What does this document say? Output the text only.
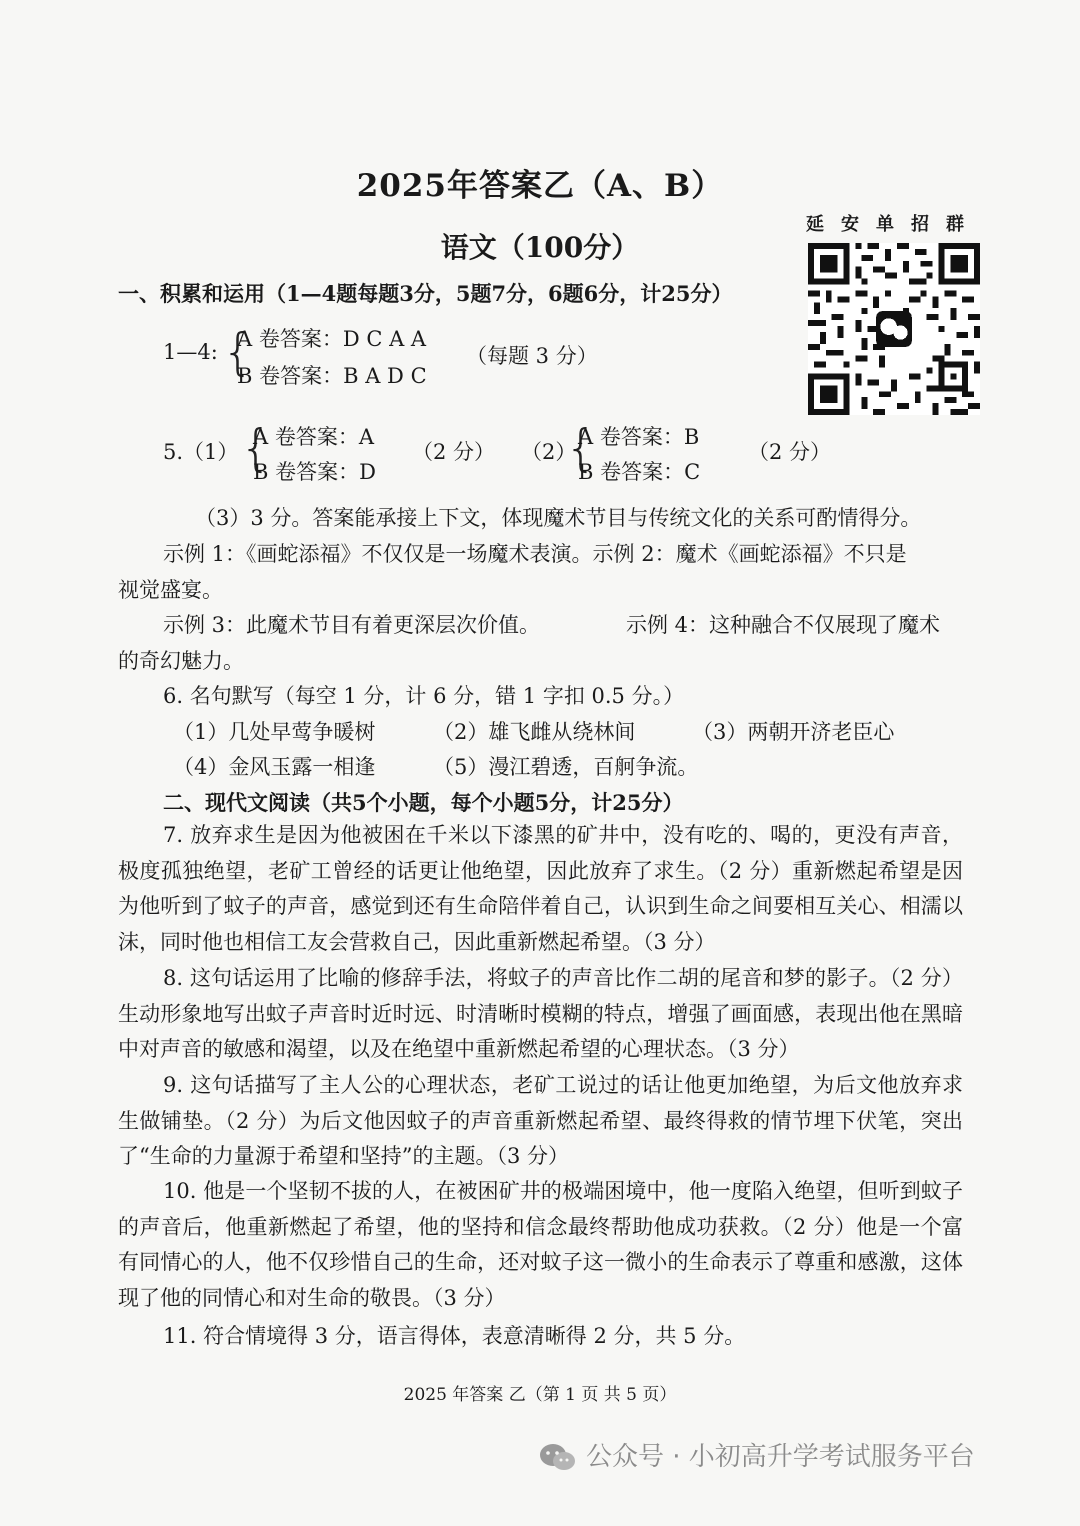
2025年答案乙（A、B）
语文（100分）
延安单招群
一、积累和运用（1—4题每题3分，5题7分，6题6分，计25分）
1—4: {
A 卷答案：D C A A
B 卷答案：B A D C
（每题 3 分）
5.（1） {
A 卷答案：A
B 卷答案：D
（2 分） （2）
{
A 卷答案：B
B 卷答案：C
（2 分）
（3）3 分。答案能承接上下文，体现魔术节目与传统文化的关系可酌情得分。
示例 1：《画蛇添福》不仅仅是一场魔术表演。示例 2：魔术《画蛇添福》不只是
视觉盛宴。
示例 3：此魔术节目有着更深层次价值。	示例 4：这种融合不仅展现了魔术
的奇幻魅力。
6. 名句默写（每空 1 分，计 6 分，错 1 字扣 0.5 分。）
（1）几处早莺争暖树	（2）雄飞雌从绕林间	（3）两朝开济老臣心
（4）金风玉露一相逢	（5）漫江碧透，百舸争流。
二、现代文阅读（共5个小题，每个小题5分，计25分）
7. 放弃求生是因为他被困在千米以下漆黑的矿井中，没有吃的、喝的，更没有声音，极度孤独绝望，老矿工曾经的话更让他绝望，因此放弃了求生。（2 分）重新燃起希望是因为他听到了蚊子的声音，感觉到还有生命陪伴着自己，认识到生命之间要相互关心、相濡以沫，同时他也相信工友会营救自己，因此重新燃起希望。（3 分）
8. 这句话运用了比喻的修辞手法，将蚊子的声音比作二胡的尾音和梦的影子。（2 分）生动形象地写出蚊子声音时近时远、时清晰时模糊的特点，增强了画面感，表现出他在黑暗中对声音的敏感和渴望，以及在绝望中重新燃起希望的心理状态。（3 分）
9. 这句话描写了主人公的心理状态，老矿工说过的话让他更加绝望，为后文他放弃求生做铺垫。（2 分）为后文他因蚊子的声音重新燃起希望、最终得救的情节埋下伏笔，突出了“生命的力量源于希望和坚持”的主题。（3 分）
10. 他是一个坚韧不拔的人，在被困矿井的极端困境中，他一度陷入绝望，但听到蚊子的声音后，他重新燃起了希望，他的坚持和信念最终帮助他成功获救。（2 分）他是一个富有同情心的人，他不仅珍惜自己的生命，还对蚊子这一微小的生命表示了尊重和感激，这体现了他的同情心和对生命的敬畏。（3 分）
11. 符合情境得 3 分，语言得体，表意清晰得 2 分，共 5 分。
2025 年答案 乙（第 1 页 共 5 页）
公众号 · 小初高升学考试服务平台
